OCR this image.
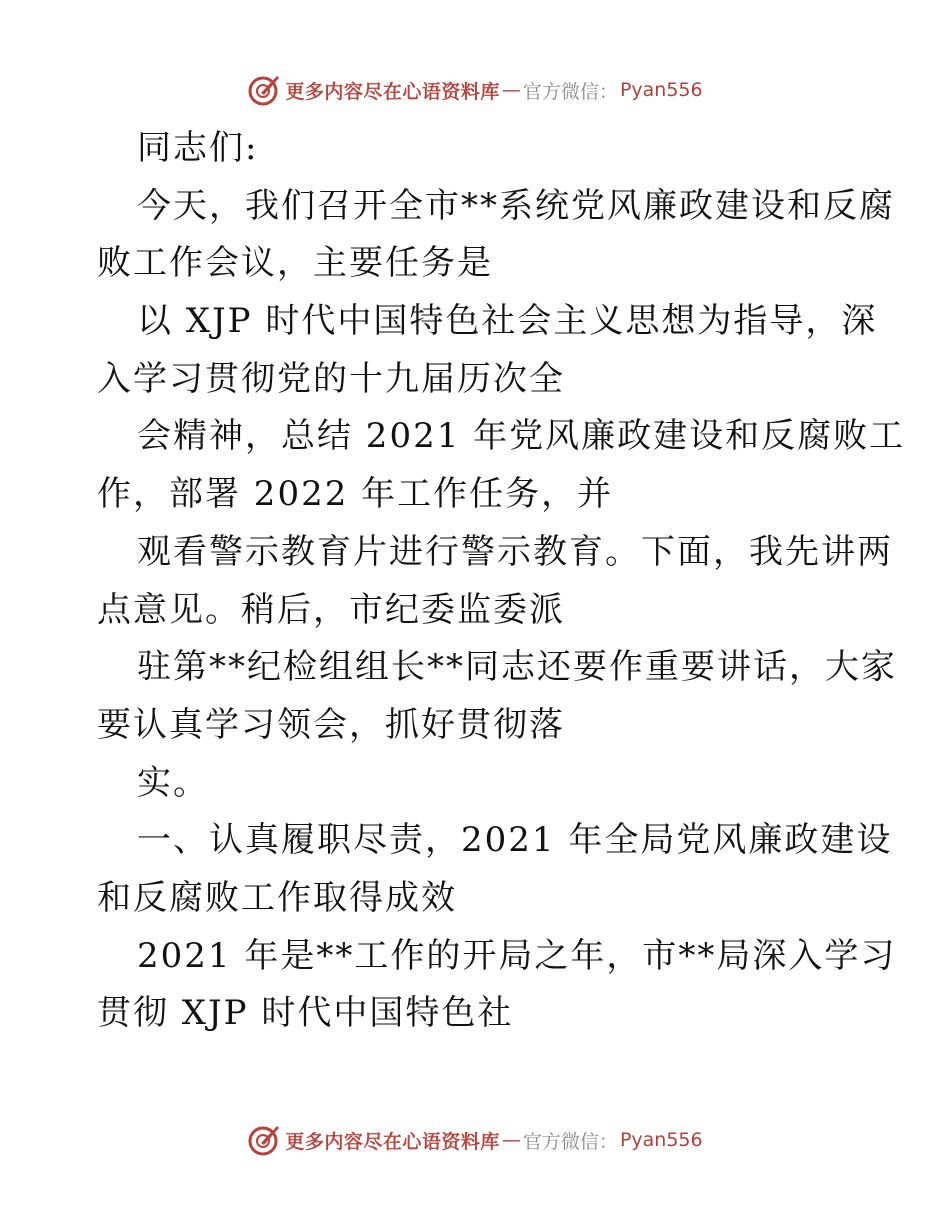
更多内容尽在心语资料库 — 官方微信： Pyan556
同志们:
今天，我们召开全市**系统党风廉政建设和反腐
败工作会议，主要任务是
以 XJP 时代中国特色社会主义思想为指导，深
入学习贯彻党的十九届历次全
会精神，总结 2021 年党风廉政建设和反腐败工
作，部署 2022 年工作任务，并
观看警示教育片进行警示教育。下面，我先讲两
点意见。稍后，市纪委监委派
驻第**纪检组组长**同志还要作重要讲话，大家
要认真学习领会，抓好贯彻落
实。
一、认真履职尽责，2021 年全局党风廉政建设
和反腐败工作取得成效
2021 年是**工作的开局之年，市**局深入学习
贯彻 XJP 时代中国特色社
更多内容尽在心语资料库 — 官方微信： Pyan556
